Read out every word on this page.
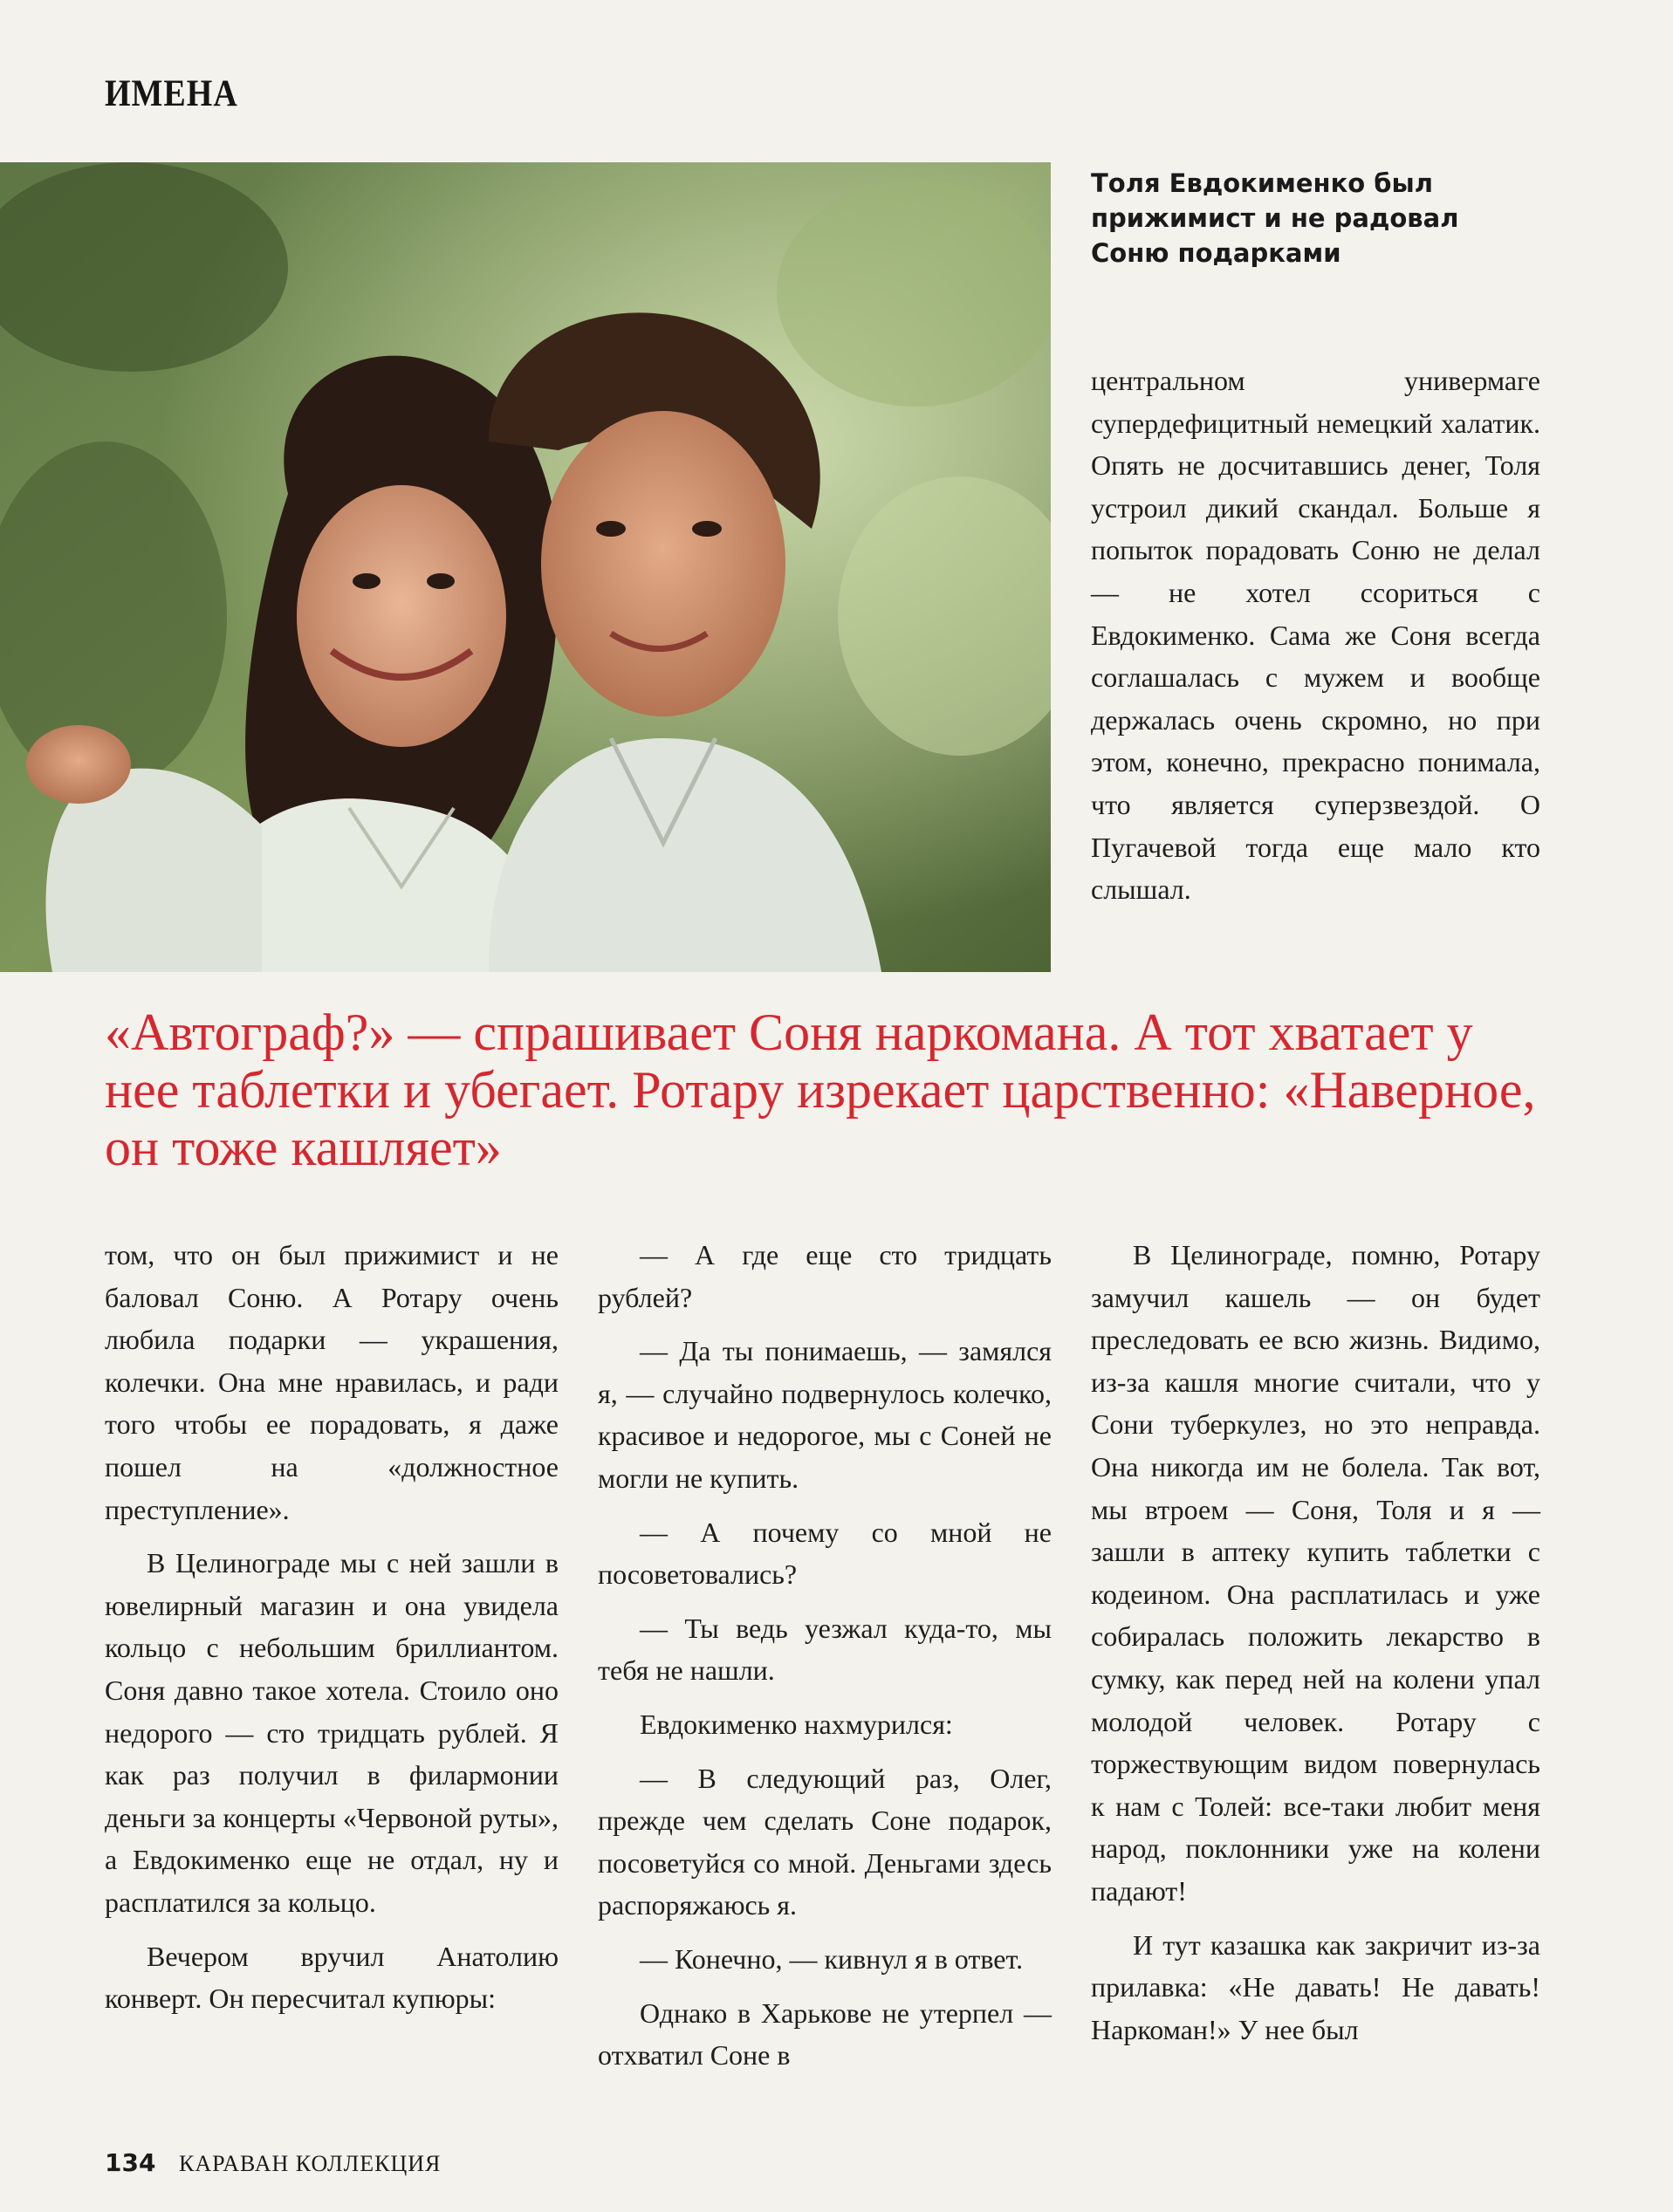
ИМЕНА
Толя Евдокименко был прижимист и не радовал Соню подарками

центральном универмаге супердефицитный немецкий халатик. Опять не досчитавшись денег, Толя устроил дикий скандал. Больше я попыток порадовать Соню не делал — не хотел ссориться с Евдокименко. Сама же Соня всегда соглашалась с мужем и вообще держалась очень скромно, но при этом, конечно, прекрасно понимала, что является суперзвездой. О Пугачевой тогда еще мало кто слышал.

«Автограф?» — спрашивает Соня наркомана. А тот хватает у нее таблетки и убегает. Ротару изрекает царственно: «Наверное, он тоже кашляет»

том, что он был прижимист и не баловал Соню. А Ротару очень любила подарки — украшения, колечки. Она мне нравилась, и ради того чтобы ее порадовать, я даже пошел на «должностное преступление».

В Целинограде мы с ней зашли в ювелирный магазин и она увидела кольцо с небольшим бриллиантом. Соня давно такое хотела. Стоило оно недорого — сто тридцать рублей. Я как раз получил в филармонии деньги за концерты «Червоной руты», а Евдокименко еще не отдал, ну и расплатился за кольцо.

Вечером вручил Анатолию конверт. Он пересчитал купюры:

— А где еще сто тридцать рублей?

— Да ты понимаешь, — замялся я, — случайно подвернулось колечко, красивое и недорогое, мы с Соней не могли не купить.

— А почему со мной не посоветовались?

— Ты ведь уезжал куда-то, мы тебя не нашли.

Евдокименко нахмурился:

— В следующий раз, Олег, прежде чем сделать Соне подарок, посоветуйся со мной. Деньгами здесь распоряжаюсь я.

— Конечно, — кивнул я в ответ.

Однако в Харькове не утерпел — отхватил Соне в

В Целинограде, помню, Ротару замучил кашель — он будет преследовать ее всю жизнь. Видимо, из-за кашля многие считали, что у Сони туберкулез, но это неправда. Она никогда им не болела. Так вот, мы втроем — Соня, Толя и я — зашли в аптеку купить таблетки с кодеином. Она расплатилась и уже собиралась положить лекарство в сумку, как перед ней на колени упал молодой человек. Ротару с торжествующим видом повернулась к нам с Толей: все-таки любит меня народ, поклонники уже на колени падают!

И тут казашка как закричит из-за прилавка: «Не давать! Не давать! Наркоман!» У нее был

134 КАРАВАН КОЛЛЕКЦИЯ
